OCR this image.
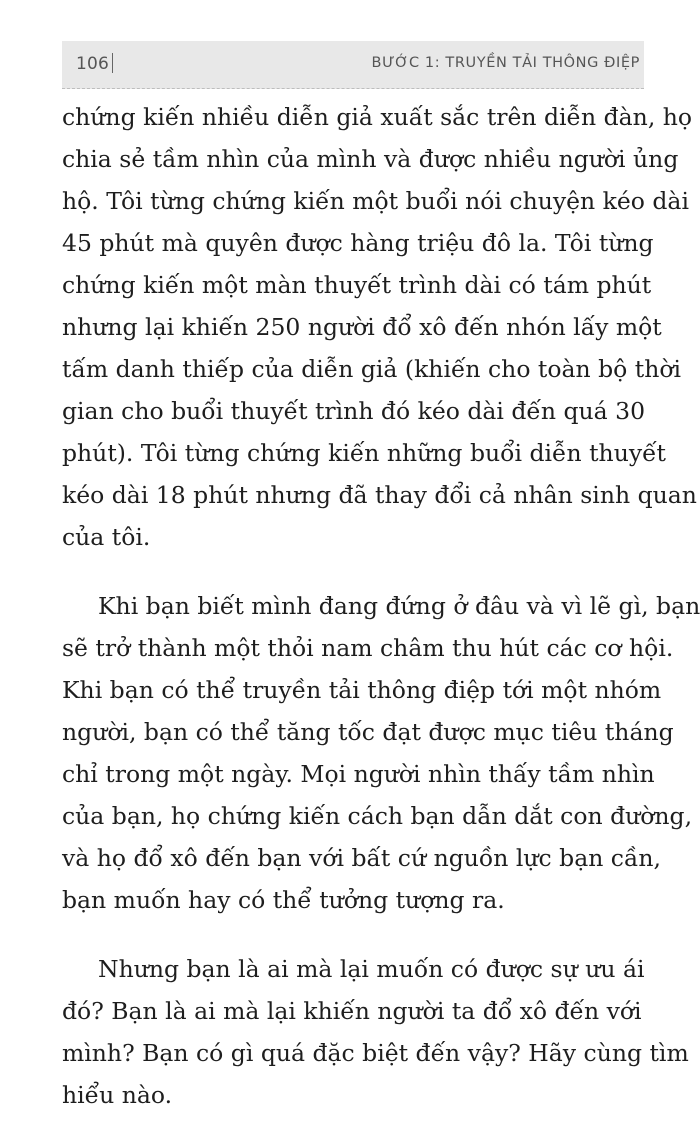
106	BƯỚC 1: TRUYỀN TẢI THÔNG ĐIỆP
chứng kiến nhiều diễn giả xuất sắc trên diễn đàn, họ
chia sẻ tầm nhìn của mình và được nhiều người ủng
hộ. Tôi từng chứng kiến một buổi nói chuyện kéo dài
45 phút mà quyên được hàng triệu đô la. Tôi từng
chứng kiến một màn thuyết trình dài có tám phút
nhưng lại khiến 250 người đổ xô đến nhón lấy một
tấm danh thiếp của diễn giả (khiến cho toàn bộ thời
gian cho buổi thuyết trình đó kéo dài đến quá 30
phút). Tôi từng chứng kiến những buổi diễn thuyết
kéo dài 18 phút nhưng đã thay đổi cả nhân sinh quan
của tôi.
Khi bạn biết mình đang đứng ở đâu và vì lẽ gì, bạn
sẽ trở thành một thỏi nam châm thu hút các cơ hội.
Khi bạn có thể truyền tải thông điệp tới một nhóm
người, bạn có thể tăng tốc đạt được mục tiêu tháng
chỉ trong một ngày. Mọi người nhìn thấy tầm nhìn
của bạn, họ chứng kiến cách bạn dẫn dắt con đường,
và họ đổ xô đến bạn với bất cứ nguồn lực bạn cần,
bạn muốn hay có thể tưởng tượng ra.
Nhưng bạn là ai mà lại muốn có được sự ưu ái
đó? Bạn là ai mà lại khiến người ta đổ xô đến với
mình? Bạn có gì quá đặc biệt đến vậy? Hãy cùng tìm
hiểu nào.
